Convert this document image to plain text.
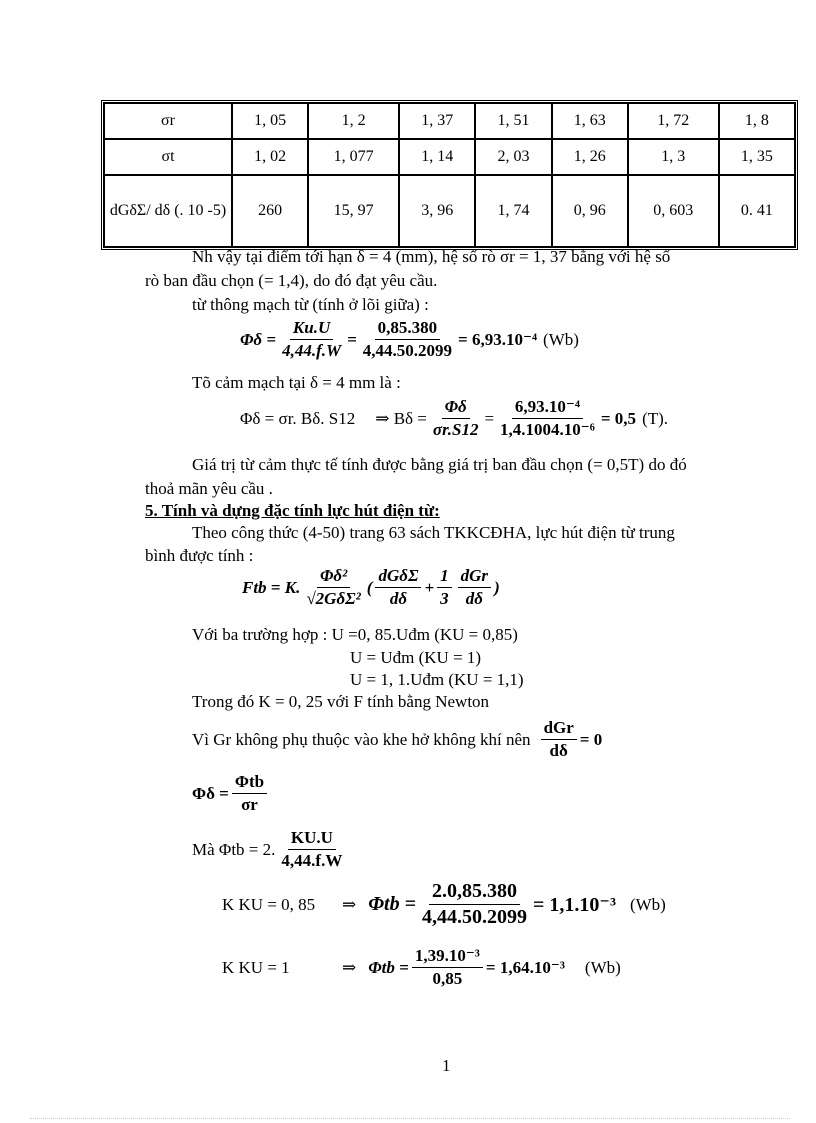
σr	1, 05	1, 2	1, 37	1, 51	1, 63	1, 72	1, 8
σt	1, 02	1, 077	1, 14	2, 03	1, 26	1, 3	1, 35
dGδΣ/ dδ (. 10 -5)	260	15, 97	3, 96	1, 74	0, 96	0, 603	0. 41
Nh vậy tại điểm tới hạn δ = 4 (mm), hệ số rò σr = 1, 37 bằng với hệ số
rò ban đầu chọn (= 1,4), do đó đạt yêu cầu.
từ thông mạch từ (tính ở lõi giữa) :
$\Phi\delta = \frac{Ku.U}{4,44.f.W} = \frac{0,85.380}{4,44.50.2099} = 6,93.10^{-4}$ (Wb)
Tõ cảm mạch tại δ = 4 mm là :
Φδ = σr. Bδ. S12 ⇒ $B\delta = \frac{\Phi\delta}{\sigma r.S12} = \frac{\text{6,93.10⁻⁴}}{\text{1,4.1004.10⁻⁶}} = 0,5$ (T).
Giá trị từ cảm thực tế tính được bằng giá trị ban đầu chọn (= 0,5T) do đó
thoả mãn yêu cầu .
5. Tính và dựng đặc tính lực hút điện từ:
Theo công thức (4-50) trang 63 sách TKKCĐHA, lực hút điện từ trung
bình được tính :
Ftb = K. $\frac{\text{Φδ²}}{\text{√2GδΣ²}}$ ( $\frac{\text{dGδΣ}}{d\delta} + \frac{1}{3} \frac{\text{dGr}}{d\delta}$ )
Với ba trường hợp : U =0, 85.Uđm (KU = 0,85)
U = Uđm (KU = 1)
U = 1, 1.Uđm (KU = 1,1)
Trong đó K = 0, 25 với F tính bằng Newton
Vì Gr không phụ thuộc vào khe hở không khí nên $\frac{\text{dGr}}{d\delta} = 0$
$\Phi\delta = \frac{\text{Φtb}}{\sigma r}$
Mà Φtb = 2. $\frac{KU.U}{4,44.f.W}$
K KU = 0, 85	⇒ $\Phi tb = \frac{2.0,85.380}{4,44.50.2099} = 1,1.10^{-3}$ (Wb)
K KU = 1	⇒ $\Phi tb = \frac{\text{1,39.10⁻³}}{0,85} = 1,64.10^{-3}$ (Wb)
1
